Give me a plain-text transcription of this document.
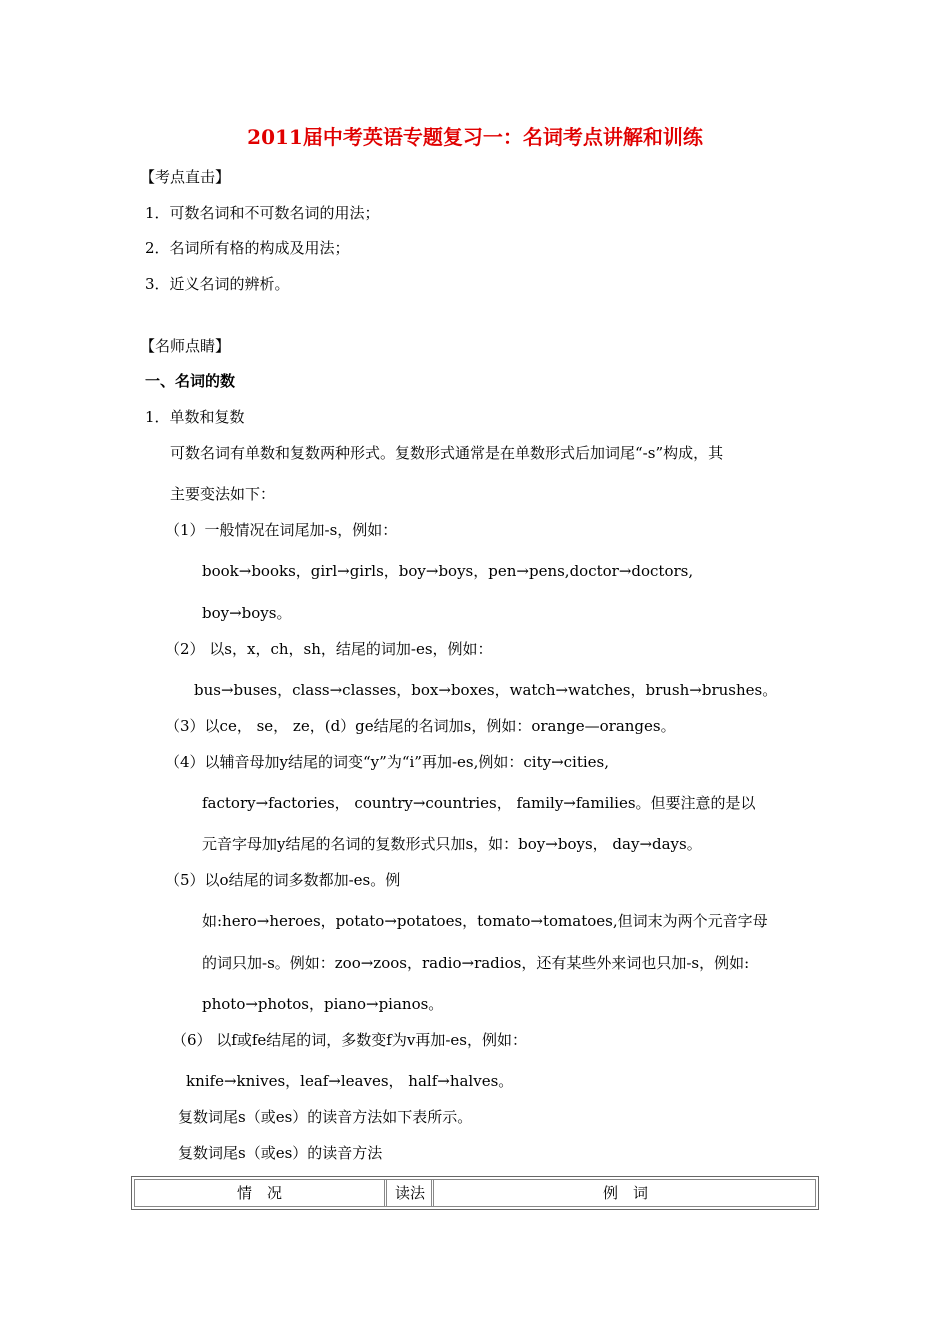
2011届中考英语专题复习一：名词考点讲解和训练
【考点直击】
1．可数名词和不可数名词的用法；
2．名词所有格的构成及用法；
3．近义名词的辨析。
【名师点睛】
一、名词的数
1．单数和复数
可数名词有单数和复数两种形式。复数形式通常是在单数形式后加词尾“-s”构成，其
主要变法如下：
（1）一般情况在词尾加-s，例如：
book→books，girl→girls，boy→boys，pen→pens,doctor→doctors,
boy→boys。
（2） 以s，x，ch，sh，结尾的词加-es，例如：
bus→buses，class→classes，box→boxes，watch→watches，brush→brushes。
（3）以ce， se， ze，(d）ge结尾的名词加s，例如：orange—oranges。
（4）以辅音母加y结尾的词变“y”为“i”再加-es,例如：city→cities,
factory→factories， country→countries， family→families。但要注意的是以
元音字母加y结尾的名词的复数形式只加s，如：boy→boys， day→days。
（5）以o结尾的词多数都加-es。例
如:hero→heroes，potato→potatoes，tomato→tomatoes,但词末为两个元音字母
的词只加-s。例如：zoo→zoos，radio→radios，还有某些外来词也只加-s，例如:
photo→photos，piano→pianos。
（6） 以f或fe结尾的词，多数变f为v再加-es，例如：
knife→knives，leaf→leaves， half→halves。
复数词尾s（或es）的读音方法如下表所示。
复数词尾s（或es）的读音方法
情　况	读法	例　词
